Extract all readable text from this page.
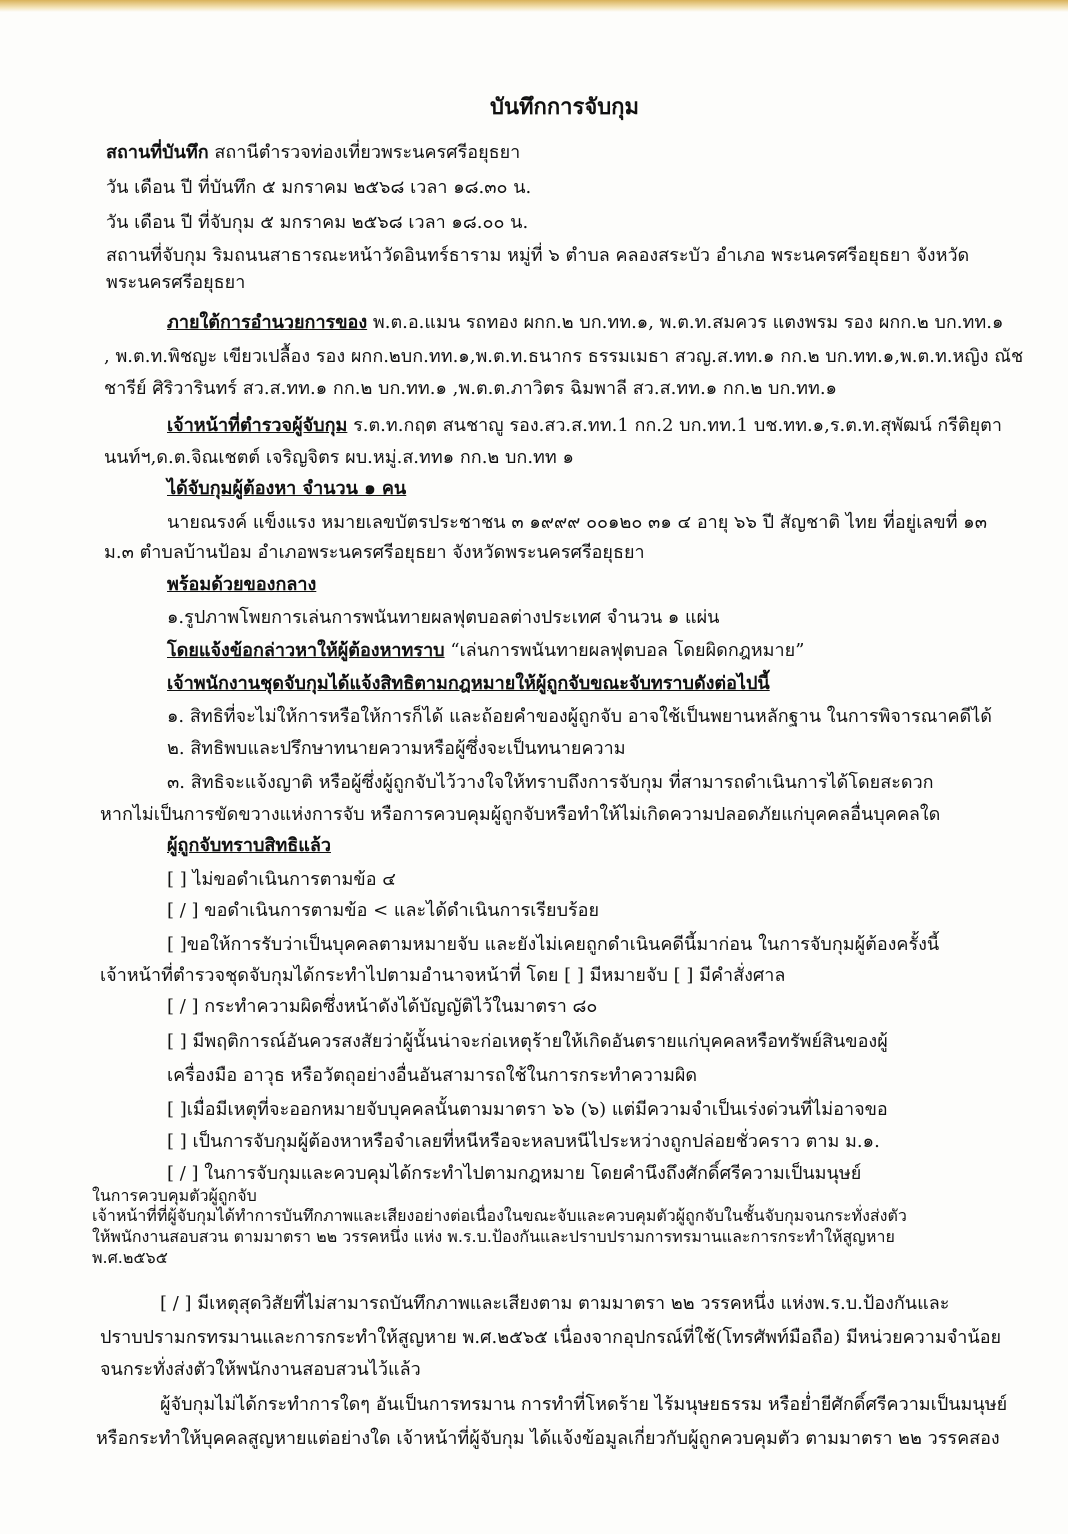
บันทึกการจับกุม
สถานที่บันทึก สถานีตำรวจท่องเที่ยวพระนครศรีอยุธยา
วัน เดือน ปี ที่บันทึก ๕ มกราคม ๒๕๖๘ เวลา ๑๘.๓๐ น.
วัน เดือน ปี ที่จับกุม ๕ มกราคม ๒๕๖๘ เวลา ๑๘.๐๐ น.
สถานที่จับกุม ริมถนนสาธารณะหน้าวัดอินทร์ธาราม หมู่ที่ ๖ ตำบล คลองสระบัว อำเภอ พระนครศรีอยุธยา จังหวัด
พระนครศรีอยุธยา
ภายใต้การอำนวยการของ พ.ต.อ.แมน รถทอง ผกก.๒ บก.ทท.๑, พ.ต.ท.สมควร แตงพรม รอง ผกก.๒ บก.ทท.๑
, พ.ต.ท.พิชญะ เขียวเปลื้อง รอง ผกก.๒บก.ทท.๑,พ.ต.ท.ธนากร ธรรมเมธา สวญ.ส.ทท.๑ กก.๒ บก.ทท.๑,พ.ต.ท.หญิง ณัช
ชารีย์ ศิริวารินทร์ สว.ส.ทท.๑ กก.๒ บก.ทท.๑ ,พ.ต.ต.ภาวิตร ฉิมพาลี สว.ส.ทท.๑ กก.๒ บก.ทท.๑
เจ้าหน้าที่ตำรวจผู้จับกุม ร.ต.ท.กฤต สนชาญู รอง.สว.ส.ทท.1 กก.2 บก.ทท.1 บช.ทท.๑,ร.ต.ท.สุพัฒน์ กรีติยุตา
นนท์ฯ,ด.ต.จิณเชตต์ เจริญจิตร ผบ.หมู่.ส.ทท๑ กก.๒ บก.ทท ๑
ได้จับกุมผู้ต้องหา จำนวน ๑ คน
นายณรงค์ แข็งแรง หมายเลขบัตรประชาชน ๓ ๑๙๙๙ ๐๐๑๒๐ ๓๑ ๔ อายุ ๖๖ ปี สัญชาติ ไทย ที่อยู่เลขที่ ๑๓
ม.๓ ตำบลบ้านป้อม อำเภอพระนครศรีอยุธยา จังหวัดพระนครศรีอยุธยา
พร้อมด้วยของกลาง
๑.รูปภาพโพยการเล่นการพนันทายผลฟุตบอลต่างประเทศ จำนวน ๑ แผ่น
โดยแจ้งข้อกล่าวหาให้ผู้ต้องหาทราบ “เล่นการพนันทายผลฟุตบอล โดยผิดกฎหมาย”
เจ้าพนักงานชุดจับกุมได้แจ้งสิทธิตามกฎหมายให้ผู้ถูกจับขณะจับทราบดังต่อไปนี้
๑. สิทธิที่จะไม่ให้การหรือให้การก็ได้ และถ้อยคำของผู้ถูกจับ อาจใช้เป็นพยานหลักฐาน ในการพิจารณาคดีได้
๒. สิทธิพบและปรึกษาทนายความหรือผู้ซึ่งจะเป็นทนายความ
๓. สิทธิจะแจ้งญาติ หรือผู้ซึ่งผู้ถูกจับไว้วางใจให้ทราบถึงการจับกุม ที่สามารถดำเนินการได้โดยสะดวก
หากไม่เป็นการขัดขวางแห่งการจับ หรือการควบคุมผู้ถูกจับหรือทำให้ไม่เกิดความปลอดภัยแก่บุคคลอื่นบุคคลใด
ผู้ถูกจับทราบสิทธิแล้ว
[ ] ไม่ขอดำเนินการตามข้อ ๔
[ / ] ขอดำเนินการตามข้อ < และได้ดำเนินการเรียบร้อย
[ ]ขอให้การรับว่าเป็นบุคคลตามหมายจับ และยังไม่เคยถูกดำเนินคดีนี้มาก่อน ในการจับกุมผู้ต้องครั้งนี้
เจ้าหน้าที่ตำรวจชุดจับกุมได้กระทำไปตามอำนาจหน้าที่ โดย [ ] มีหมายจับ [ ] มีคำสั่งศาล
[ / ] กระทำความผิดซึ่งหน้าดังได้บัญญัติไว้ในมาตรา ๘๐
[ ] มีพฤติการณ์อันควรสงสัยว่าผู้นั้นน่าจะก่อเหตุร้ายให้เกิดอันตรายแก่บุคคลหรือทรัพย์สินของผู้
เครื่องมือ อาวุธ หรือวัตถุอย่างอื่นอันสามารถใช้ในการกระทำความผิด
[ ]เมื่อมีเหตุที่จะออกหมายจับบุคคลนั้นตามมาตรา ๖๖ (๖) แต่มีความจำเป็นเร่งด่วนที่ไม่อาจขอ
[ ] เป็นการจับกุมผู้ต้องหาหรือจำเลยที่หนีหรือจะหลบหนีไประหว่างถูกปล่อยชั่วคราว ตาม ม.๑.
[ / ] ในการจับกุมและควบคุมได้กระทำไปตามกฎหมาย โดยคำนึงถึงศักดิ์ศรีความเป็นมนุษย์
ในการควบคุมตัวผู้ถูกจับ
เจ้าหน้าที่ที่ผู้จับกุมได้ทำการบันทึกภาพและเสียงอย่างต่อเนื่องในขณะจับและควบคุมตัวผู้ถูกจับในชั้นจับกุมจนกระทั่งส่งตัว
ให้พนักงานสอบสวน ตามมาตรา ๒๒ วรรคหนึ่ง แห่ง พ.ร.บ.ป้องกันและปราบปรามการทรมานและการกระทำให้สูญหาย
พ.ศ.๒๕๖๕
[ / ] มีเหตุสุดวิสัยที่ไม่สามารถบันทึกภาพและเสียงตาม ตามมาตรา ๒๒ วรรคหนึ่ง แห่งพ.ร.บ.ป้องกันและ
ปราบปรามกรทรมานและการกระทำให้สูญหาย พ.ศ.๒๕๖๕ เนื่องจากอุปกรณ์ที่ใช้(โทรศัพท์มือถือ) มีหน่วยความจำน้อย
จนกระทั่งส่งตัวให้พนักงานสอบสวนไว้แล้ว
ผู้จับกุมไม่ได้กระทำการใดๆ อันเป็นการทรมาน การทำที่โหดร้าย ไร้มนุษยธรรม หรือย่ำยีศักดิ์ศรีความเป็นมนุษย์
หรือกระทำให้บุคคลสูญหายแต่อย่างใด เจ้าหน้าที่ผู้จับกุม ได้แจ้งข้อมูลเกี่ยวกับผู้ถูกควบคุมตัว ตามมาตรา ๒๒ วรรคสอง
